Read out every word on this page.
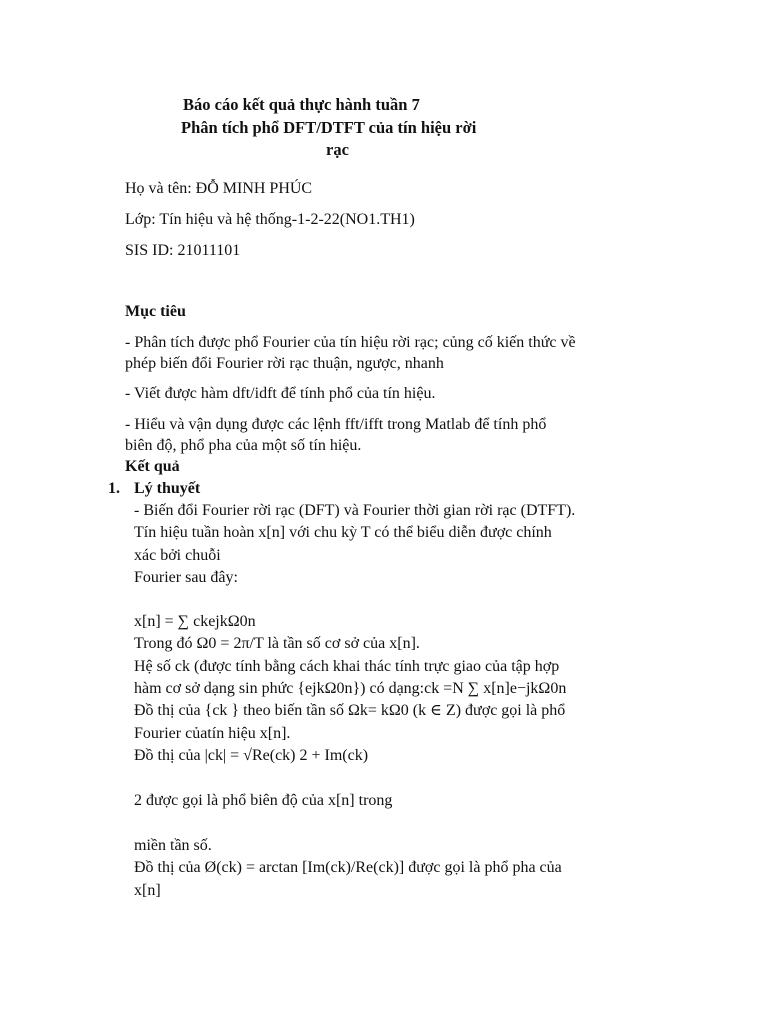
Báo cáo kết quả thực hành tuần 7
Phân tích phổ DFT/DTFT của tín hiệu rời
rạc
Họ và tên: ĐỖ MINH PHÚC
Lớp: Tín hiệu và hệ thống-1-2-22(NO1.TH1)
SIS ID: 21011101
Mục tiêu
- Phân tích được phổ Fourier của tín hiệu rời rạc; củng cố kiến thức về
phép biến đổi Fourier rời rạc thuận, ngược, nhanh
- Viết được hàm dft/idft để tính phổ của tín hiệu.
- Hiểu và vận dụng được các lệnh fft/ifft trong Matlab để tính phổ
biên độ, phổ pha của một số tín hiệu.
Kết quả
1. Lý thuyết
- Biến đổi Fourier rời rạc (DFT) và Fourier thời gian rời rạc (DTFT).
Tín hiệu tuần hoàn x[n] với chu kỳ T có thể biểu diễn được chính
xác bởi chuỗi
Fourier sau đây:
x[n] = ∑ ckejkΩ0n
Trong đó Ω0 = 2π/T là tần số cơ sở của x[n].
Hệ số ck (được tính bằng cách khai thác tính trực giao của tập hợp
hàm cơ sở dạng sin phức {ejkΩ0n}) có dạng:ck =N ∑ x[n]e−jkΩ0n
Đồ thị của {ck } theo biến tần số Ωk= kΩ0 (k ∈ Z) được gọi là phổ
Fourier củatín hiệu x[n].
Đồ thị của |ck| = √Re(ck) 2 + Im(ck)
2 được gọi là phổ biên độ của x[n] trong
miền tần số.
Đồ thị của Ø(ck) = arctan [Im(ck)/Re(ck)] được gọi là phổ pha của
x[n]
